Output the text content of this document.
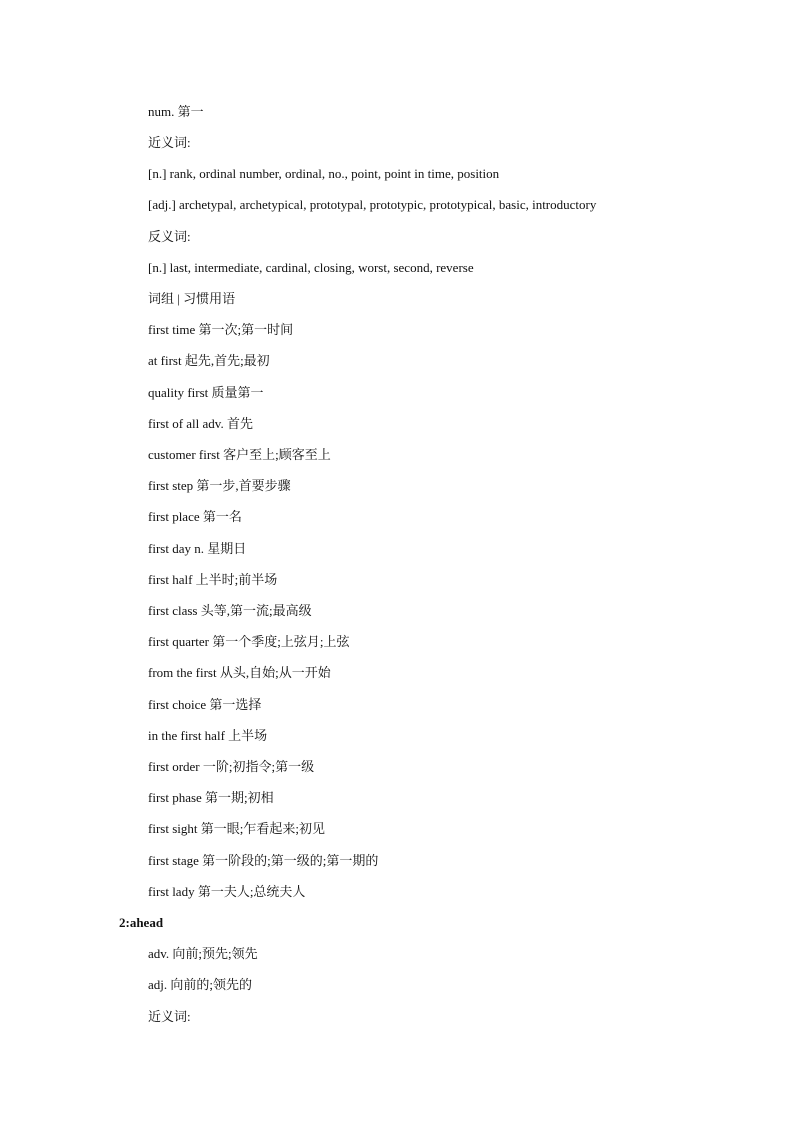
num. 第一
近义词:
[n.] rank, ordinal number, ordinal, no., point, point in time, position
[adj.] archetypal, archetypical, prototypal, prototypic, prototypical, basic, introductory
反义词:
[n.] last, intermediate, cardinal, closing, worst, second, reverse
词组 | 习惯用语
first time 第一次;第一时间
at first 起先,首先;最初
quality first 质量第一
first of all adv. 首先
customer first 客户至上;顾客至上
first step 第一步,首要步骤
first place 第一名
first day n. 星期日
first half 上半时;前半场
first class 头等,第一流;最高级
first quarter 第一个季度;上弦月;上弦
from the first 从头,自始;从一开始
first choice 第一选择
in the first half 上半场
first order 一阶;初指令;第一级
first phase 第一期;初相
first sight 第一眼;乍看起来;初见
first stage 第一阶段的;第一级的;第一期的
first lady 第一夫人;总统夫人
2:ahead
adv. 向前;预先;领先
adj. 向前的;领先的
近义词:
